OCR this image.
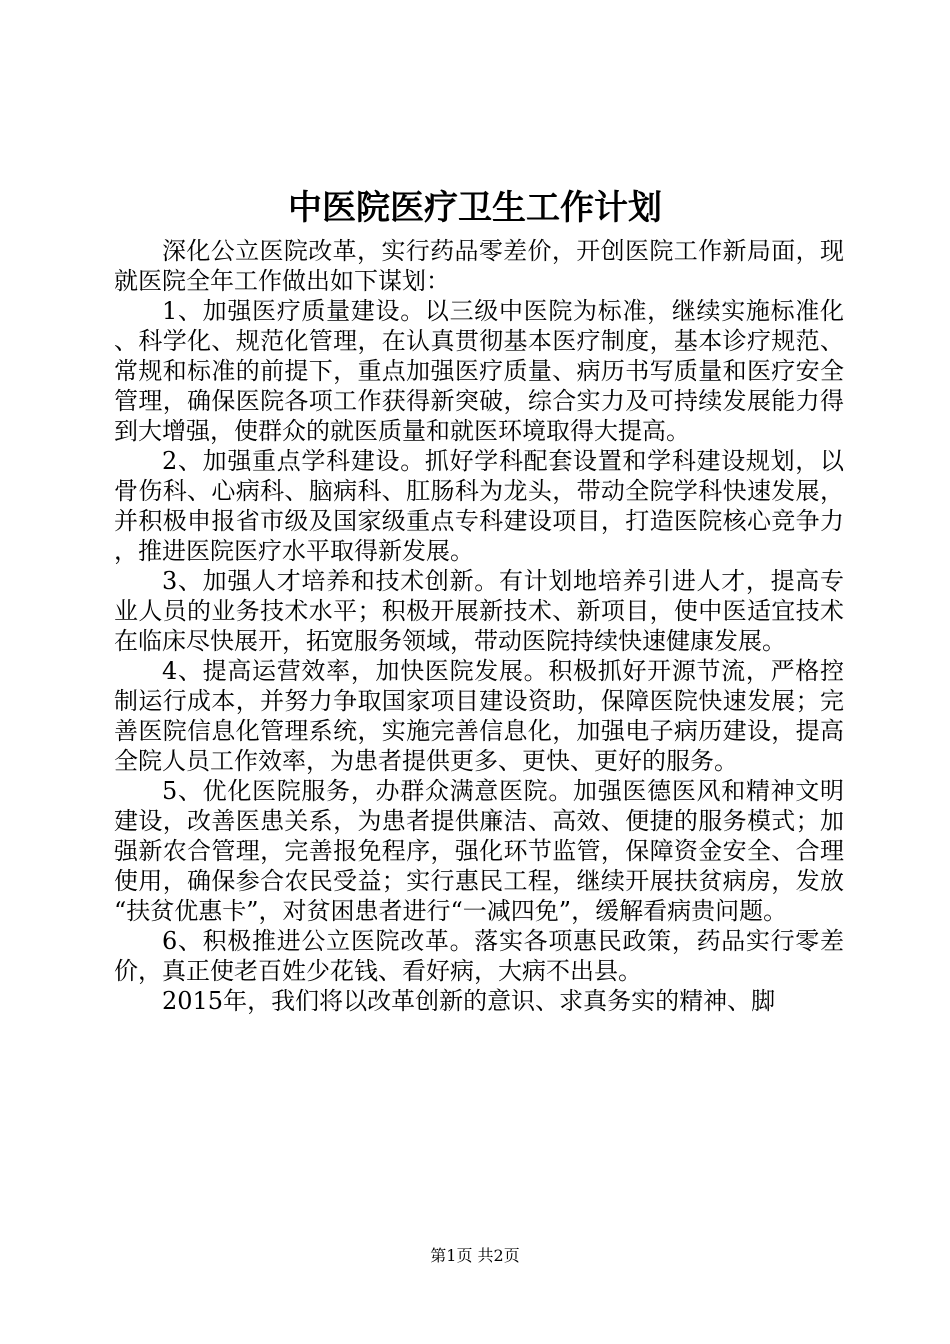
中医院医疗卫生工作计划

深化公立医院改革，实行药品零差价，开创医院工作新局面，现就医院全年工作做出如下谋划：

1、加强医疗质量建设。以三级中医院为标准，继续实施标准化、科学化、规范化管理，在认真贯彻基本医疗制度，基本诊疗规范、常规和标准的前提下，重点加强医疗质量、病历书写质量和医疗安全管理，确保医院各项工作获得新突破，综合实力及可持续发展能力得到大增强，使群众的就医质量和就医环境取得大提高。

2、加强重点学科建设。抓好学科配套设置和学科建设规划，以骨伤科、心病科、脑病科、肛肠科为龙头，带动全院学科快速发展，并积极申报省市级及国家级重点专科建设项目，打造医院核心竞争力，推进医院医疗水平取得新发展。

3、加强人才培养和技术创新。有计划地培养引进人才，提高专业人员的业务技术水平；积极开展新技术、新项目，使中医适宜技术在临床尽快展开，拓宽服务领域，带动医院持续快速健康发展。

4、提高运营效率，加快医院发展。积极抓好开源节流，严格控制运行成本，并努力争取国家项目建设资助，保障医院快速发展；完善医院信息化管理系统，实施完善信息化，加强电子病历建设，提高全院人员工作效率，为患者提供更多、更快、更好的服务。

5、优化医院服务，办群众满意医院。加强医德医风和精神文明建设，改善医患关系，为患者提供廉洁、高效、便捷的服务模式；加强新农合管理，完善报免程序，强化环节监管，保障资金安全、合理使用，确保参合农民受益；实行惠民工程，继续开展扶贫病房，发放“扶贫优惠卡”，对贫困患者进行“一减四免”，缓解看病贵问题。

6、积极推进公立医院改革。落实各项惠民政策，药品实行零差价，真正使老百姓少花钱、看好病，大病不出县。

2015年，我们将以改革创新的意识、求真务实的精神、脚

第1页 共2页
